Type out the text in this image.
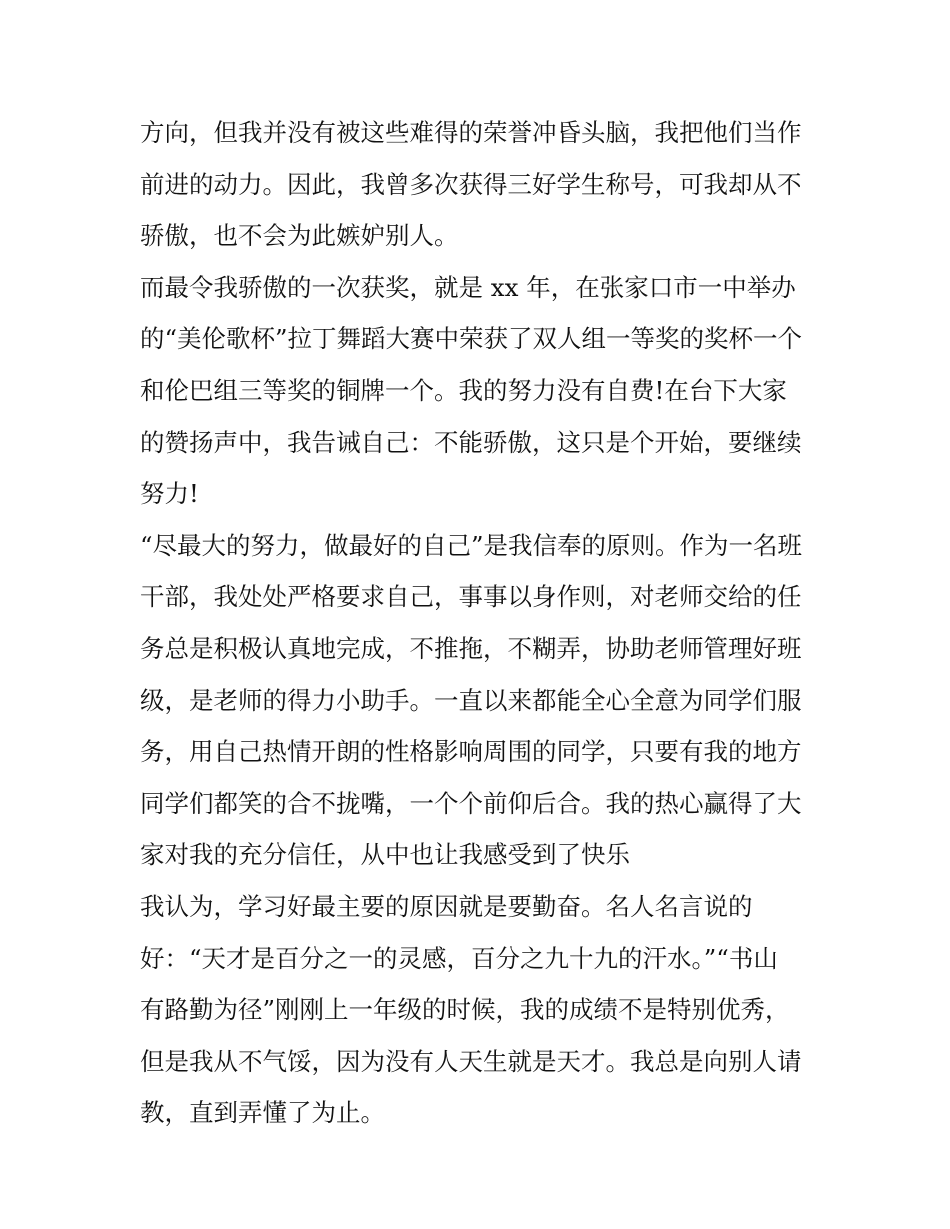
方向，但我并没有被这些难得的荣誉冲昏头脑，我把他们当作
前进的动力。因此，我曾多次获得三好学生称号，可我却从不
骄傲，也不会为此嫉妒别人。
而最令我骄傲的一次获奖，就是 xx 年，在张家口市一中举办
的“美伦歌杯”拉丁舞蹈大赛中荣获了双人组一等奖的奖杯一个
和伦巴组三等奖的铜牌一个。我的努力没有自费!在台下大家
的赞扬声中，我告诫自己：不能骄傲，这只是个开始，要继续
努力!
“尽最大的努力，做最好的自己”是我信奉的原则。作为一名班
干部，我处处严格要求自己，事事以身作则，对老师交给的任
务总是积极认真地完成，不推拖，不糊弄，协助老师管理好班
级，是老师的得力小助手。一直以来都能全心全意为同学们服
务，用自己热情开朗的性格影响周围的同学，只要有我的地方
同学们都笑的合不拢嘴，一个个前仰后合。我的热心赢得了大
家对我的充分信任，从中也让我感受到了快乐
我认为，学习好最主要的原因就是要勤奋。名人名言说的
好：“天才是百分之一的灵感，百分之九十九的汗水。”“书山
有路勤为径”刚刚上一年级的时候，我的成绩不是特别优秀，
但是我从不气馁，因为没有人天生就是天才。我总是向别人请
教，直到弄懂了为止。
